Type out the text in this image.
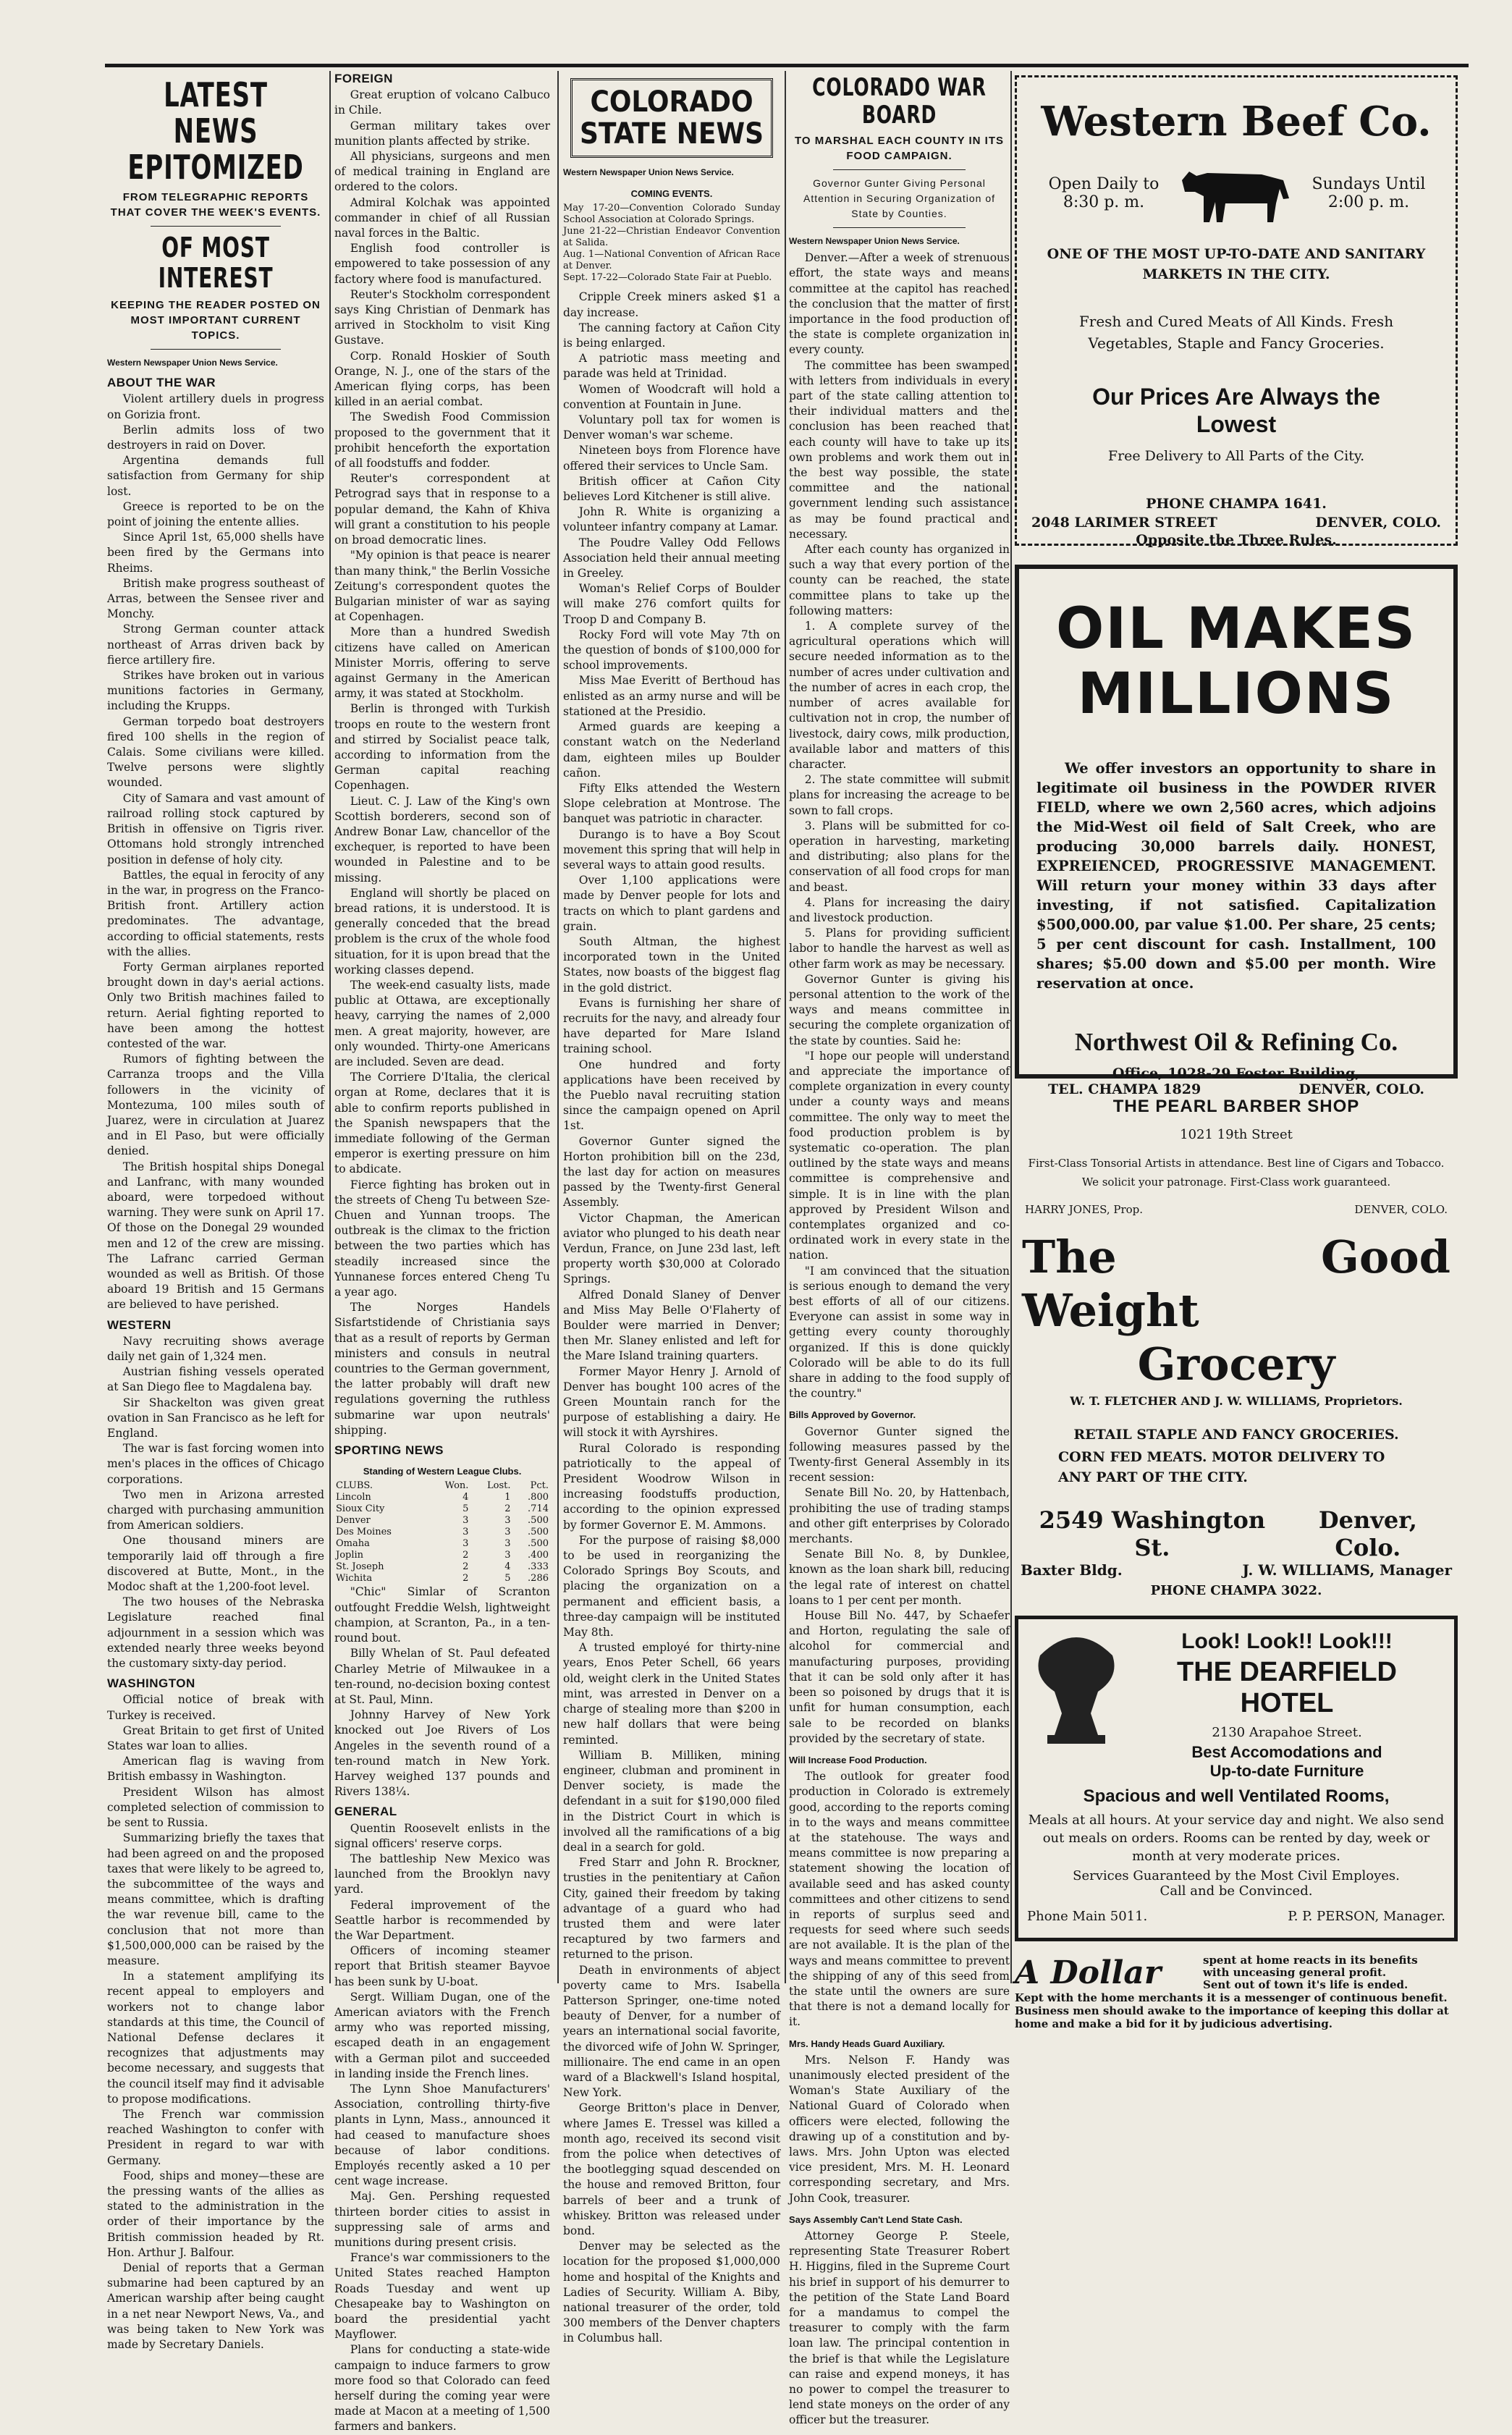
LATEST NEWS EPITOMIZED
FROM TELEGRAPHIC REPORTS THAT COVER THE WEEK'S EVENTS.
OF MOST INTEREST
KEEPING THE READER POSTED ON MOST IMPORTANT CURRENT TOPICS.
Western Newspaper Union News Service.
ABOUT THE WAR

Violent artillery duels in progress on Gorizia front.

Berlin admits loss of two destroyers in raid on Dover.

Argentina demands full satisfaction from Germany for ship lost.

Greece is reported to be on the point of joining the entente allies.

Since April 1st, 65,000 shells have been fired by the Germans into Rheims.

British make progress southeast of Arras, between the Sensee river and Monchy.

Strong German counter attack northeast of Arras driven back by fierce artillery fire.

Strikes have broken out in various munitions factories in Germany, including the Krupps.

German torpedo boat destroyers fired 100 shells in the region of Calais. Some civilians were killed. Twelve persons were slightly wounded.

City of Samara and vast amount of railroad rolling stock captured by British in offensive on Tigris river. Ottomans hold strongly intrenched position in defense of holy city.

Battles, the equal in ferocity of any in the war, in progress on the Franco-British front. Artillery action predominates. The advantage, according to official statements, rests with the allies.

Forty German airplanes reported brought down in day's aerial actions. Only two British machines failed to return. Aerial fighting reported to have been among the hottest contested of the war.

Rumors of fighting between the Carranza troops and the Villa followers in the vicinity of Montezuma, 100 miles south of Juarez, were in circulation at Juarez and in El Paso, but were officially denied.

The British hospital ships Donegal and Lanfranc, with many wounded aboard, were torpedoed without warning. They were sunk on April 17. Of those on the Donegal 29 wounded men and 12 of the crew are missing. The Lafranc carried German wounded as well as British. Of those aboard 19 British and 15 Germans are believed to have perished.

WESTERN

Navy recruiting shows average daily net gain of 1,324 men.

Austrian fishing vessels operated at San Diego flee to Magdalena bay.

Sir Shackelton was given great ovation in San Francisco as he left for England.

The war is fast forcing women into men's places in the offices of Chicago corporations.

Two men in Arizona arrested charged with purchasing ammunition from American soldiers.

One thousand miners are temporarily laid off through a fire discovered at Butte, Mont., in the Modoc shaft at the 1,200-foot level.

The two houses of the Nebraska Legislature reached final adjournment in a session which was extended nearly three weeks beyond the customary sixty-day period.

WASHINGTON

Official notice of break with Turkey is received.

Great Britain to get first of United States war loan to allies.

American flag is waving from British embassy in Washington.

President Wilson has almost completed selection of commission to be sent to Russia.

Summarizing briefly the taxes that had been agreed on and the proposed taxes that were likely to be agreed to, the subcommittee of the ways and means committee, which is drafting the war revenue bill, came to the conclusion that not more than $1,500,000,000 can be raised by the measure.

In a statement amplifying its recent appeal to employers and workers not to change labor standards at this time, the Council of National Defense declares it recognizes that adjustments may become necessary, and suggests that the council itself may find it advisable to propose modifications.

The French war commission reached Washington to confer with President in regard to war with Germany.

Food, ships and money—these are the pressing wants of the allies as stated to the administration in the order of their importance by the British commission headed by Rt. Hon. Arthur J. Balfour.

Denial of reports that a German submarine had been captured by an American warship after being caught in a net near Newport News, Va., and was being taken to New York was made by Secretary Daniels.

FOREIGN

Great eruption of volcano Calbuco in Chile.

German military takes over munition plants affected by strike.

All physicians, surgeons and men of medical training in England are ordered to the colors.

Admiral Kolchak was appointed commander in chief of all Russian naval forces in the Baltic.

English food controller is empowered to take possession of any factory where food is manufactured.

Reuter's Stockholm correspondent says King Christian of Denmark has arrived in Stockholm to visit King Gustave.

Corp. Ronald Hoskier of South Orange, N. J., one of the stars of the American flying corps, has been killed in an aerial combat.

The Swedish Food Commission proposed to the government that it prohibit henceforth the exportation of all foodstuffs and fodder.

Reuter's correspondent at Petrograd says that in response to a popular demand, the Kahn of Khiva will grant a constitution to his people on broad democratic lines.

"My opinion is that peace is nearer than many think," the Berlin Vossiche Zeitung's correspondent quotes the Bulgarian minister of war as saying at Copenhagen.

More than a hundred Swedish citizens have called on American Minister Morris, offering to serve against Germany in the American army, it was stated at Stockholm.

Berlin is thronged with Turkish troops en route to the western front and stirred by Socialist peace talk, according to information from the German capital reaching Copenhagen.

Lieut. C. J. Law of the King's own Scottish borderers, second son of Andrew Bonar Law, chancellor of the exchequer, is reported to have been wounded in Palestine and to be missing.

England will shortly be placed on bread rations, it is understood. It is generally conceded that the bread problem is the crux of the whole food situation, for it is upon bread that the working classes depend.

The week-end casualty lists, made public at Ottawa, are exceptionally heavy, carrying the names of 2,000 men. A great majority, however, are only wounded. Thirty-one Americans are included. Seven are dead.

The Corriere D'Italia, the clerical organ at Rome, declares that it is able to confirm reports published in the Spanish newspapers that the immediate following of the German emperor is exerting pressure on him to abdicate.

Fierce fighting has broken out in the streets of Cheng Tu between Sze-Chuen and Yunnan troops. The outbreak is the climax to the friction between the two parties which has steadily increased since the Yunnanese forces entered Cheng Tu a year ago.

The Norges Handels Sisfartstidende of Christiania says that as a result of reports by German ministers and consuls in neutral countries to the German government, the latter probably will draft new regulations governing the ruthless submarine war upon neutrals' shipping.

SPORTING NEWS
Standing of Western League Clubs.
CLUBS.	Won.	Lost.	Pct.
Lincoln	4	1	.800
Sioux City	5	2	.714
Denver	3	3	.500
Des Moines	3	3	.500
Omaha	3	3	.500
Joplin	2	3	.400
St. Joseph	2	4	.333
Wichita	2	5	.286

"Chic" Simlar of Scranton outfought Freddie Welsh, lightweight champion, at Scranton, Pa., in a ten-round bout.

Billy Whelan of St. Paul defeated Charley Metrie of Milwaukee in a ten-round, no-decision boxing contest at St. Paul, Minn.

Johnny Harvey of New York knocked out Joe Rivers of Los Angeles in the seventh round of a ten-round match in New York. Harvey weighed 137 pounds and Rivers 138¼.

GENERAL

Quentin Roosevelt enlists in the signal officers' reserve corps.

The battleship New Mexico was launched from the Brooklyn navy yard.

Federal improvement of the Seattle harbor is recommended by the War Department.

Officers of incoming steamer report that British steamer Bayvoe has been sunk by U-boat.

Sergt. William Dugan, one of the American aviators with the French army who was reported missing, escaped death in an engagement with a German pilot and succeeded in landing inside the French lines.

The Lynn Shoe Manufacturers' Association, controlling thirty-five plants in Lynn, Mass., announced it had ceased to manufacture shoes because of labor conditions. Employés recently asked a 10 per cent wage increase.

Maj. Gen. Pershing requested thirteen border cities to assist in suppressing sale of arms and munitions during present crisis.

France's war commissioners to the United States reached Hampton Roads Tuesday and went up Chesapeake bay to Washington on board the presidential yacht Mayflower.

Plans for conducting a state-wide campaign to induce farmers to grow more food so that Colorado can feed herself during the coming year were made at Macon at a meeting of 1,500 farmers and bankers.

COLORADO
STATE NEWS
Western Newspaper Union News Service.
COMING EVENTS.

May 17-20—Convention Colorado Sunday School Association at Colorado Springs.

June 21-22—Christian Endeavor Convention at Salida.

Aug. 1—National Convention of African Race at Denver.

Sept. 17-22—Colorado State Fair at Pueblo.

Cripple Creek miners asked $1 a day increase.

The canning factory at Cañon City is being enlarged.

A patriotic mass meeting and parade was held at Trinidad.

Women of Woodcraft will hold a convention at Fountain in June.

Voluntary poll tax for women is Denver woman's war scheme.

Nineteen boys from Florence have offered their services to Uncle Sam.

British officer at Cañon City believes Lord Kitchener is still alive.

John R. White is organizing a volunteer infantry company at Lamar.

The Poudre Valley Odd Fellows Association held their annual meeting in Greeley.

Woman's Relief Corps of Boulder will make 276 comfort quilts for Troop D and Company B.

Rocky Ford will vote May 7th on the question of bonds of $100,000 for school improvements.

Miss Mae Everitt of Berthoud has enlisted as an army nurse and will be stationed at the Presidio.

Armed guards are keeping a constant watch on the Nederland dam, eighteen miles up Boulder cañon.

Fifty Elks attended the Western Slope celebration at Montrose. The banquet was patriotic in character.

Durango is to have a Boy Scout movement this spring that will help in several ways to attain good results.

Over 1,100 applications were made by Denver people for lots and tracts on which to plant gardens and grain.

South Altman, the highest incorporated town in the United States, now boasts of the biggest flag in the gold district.

Evans is furnishing her share of recruits for the navy, and already four have departed for Mare Island training school.

One hundred and forty applications have been received by the Pueblo naval recruiting station since the campaign opened on April 1st.

Governor Gunter signed the Horton prohibition bill on the 23d, the last day for action on measures passed by the Twenty-first General Assembly.

Victor Chapman, the American aviator who plunged to his death near Verdun, France, on June 23d last, left property worth $30,000 at Colorado Springs.

Alfred Donald Slaney of Denver and Miss May Belle O'Flaherty of Boulder were married in Denver; then Mr. Slaney enlisted and left for the Mare Island training quarters.

Former Mayor Henry J. Arnold of Denver has bought 100 acres of the Green Mountain ranch for the purpose of establishing a dairy. He will stock it with Ayrshires.

Rural Colorado is responding patriotically to the appeal of President Woodrow Wilson in increasing foodstuffs production, according to the opinion expressed by former Governor E. M. Ammons.

For the purpose of raising $8,000 to be used in reorganizing the Colorado Springs Boy Scouts, and placing the organization on a permanent and efficient basis, a three-day campaign will be instituted May 8th.

A trusted employé for thirty-nine years, Enos Peter Schell, 66 years old, weight clerk in the United States mint, was arrested in Denver on a charge of stealing more than $200 in new half dollars that were being reminted.

William B. Milliken, mining engineer, clubman and prominent in Denver society, is made the defendant in a suit for $190,000 filed in the District Court in which is involved all the ramifications of a big deal in a search for gold.

Fred Starr and John R. Brockner, trusties in the penitentiary at Cañon City, gained their freedom by taking advantage of a guard who had trusted them and were later recaptured by two farmers and returned to the prison.

Death in environments of abject poverty came to Mrs. Isabella Patterson Springer, one-time noted beauty of Denver, for a number of years an international social favorite, the divorced wife of John W. Springer, millionaire. The end came in an open ward of a Blackwell's Island hospital, New York.

George Britton's place in Denver, where James E. Tressel was killed a month ago, received its second visit from the police when detectives of the bootlegging squad descended on the house and removed Britton, four barrels of beer and a trunk of whiskey. Britton was released under bond.

Denver may be selected as the location for the proposed $1,000,000 home and hospital of the Knights and Ladies of Security. William A. Biby, national treasurer of the order, told 300 members of the Denver chapters in Columbus hall.

COLORADO WAR BOARD
TO MARSHAL EACH COUNTY IN ITS FOOD CAMPAIGN.
Governor Gunter Giving Personal Attention in Securing Organization of State by Counties.
Western Newspaper Union News Service.

Denver.—After a week of strenuous effort, the state ways and means committee at the capitol has reached the conclusion that the matter of first importance in the food production of the state is complete organization in every county.

The committee has been swamped with letters from individuals in every part of the state calling attention to their individual matters and the conclusion has been reached that each county will have to take up its own problems and work them out in the best way possible, the state committee and the national government lending such assistance as may be found practical and necessary.

After each county has organized in such a way that every portion of the county can be reached, the state committee plans to take up the following matters:

1. A complete survey of the agricultural operations which will secure needed information as to the number of acres under cultivation and the number of acres in each crop, the number of acres available for cultivation not in crop, the number of livestock, dairy cows, milk production, available labor and matters of this character.

2. The state committee will submit plans for increasing the acreage to be sown to fall crops.

3. Plans will be submitted for co-operation in harvesting, marketing and distributing; also plans for the conservation of all food crops for man and beast.

4. Plans for increasing the dairy and livestock production.

5. Plans for providing sufficient labor to handle the harvest as well as other farm work as may be necessary.

Governor Gunter is giving his personal attention to the work of the ways and means committee in securing the complete organization of the state by counties. Said he:

"I hope our people will understand and appreciate the importance of complete organization in every county under a county ways and means committee. The only way to meet the food production problem is by systematic co-operation. The plan outlined by the state ways and means committee is comprehensive and simple. It is in line with the plan approved by President Wilson and contemplates organized and co-ordinated work in every state in the nation.

"I am convinced that the situation is serious enough to demand the very best efforts of all of our citizens. Everyone can assist in some way in getting every county thoroughly organized. If this is done quickly Colorado will be able to do its full share in adding to the food supply of the country."

Bills Approved by Governor.

Governor Gunter signed the following measures passed by the Twenty-first General Assembly in its recent session:

Senate Bill No. 20, by Hattenbach, prohibiting the use of trading stamps and other gift enterprises by Colorado merchants.

Senate Bill No. 8, by Dunklee, known as the loan shark bill, reducing the legal rate of interest on chattel loans to 1 per cent per month.

House Bill No. 447, by Schaefer and Horton, regulating the sale of alcohol for commercial and manufacturing purposes, providing that it can be sold only after it has been so poisoned by drugs that it is unfit for human consumption, each sale to be recorded on blanks provided by the secretary of state.

Will Increase Food Production.

The outlook for greater food production in Colorado is extremely good, according to the reports coming in to the ways and means committee at the statehouse. The ways and means committee is now preparing a statement showing the location of available seed and has asked county committees and other citizens to send in reports of surplus seed and requests for seed where such seeds are not available. It is the plan of the ways and means committee to prevent the shipping of any of this seed from the state until the owners are sure that there is not a demand locally for it.

Mrs. Handy Heads Guard Auxiliary.

Mrs. Nelson F. Handy was unanimously elected president of the Woman's State Auxiliary of the National Guard of Colorado when officers were elected, following the drawing up of a constitution and by-laws. Mrs. John Upton was elected vice president, Mrs. M. H. Leonard corresponding secretary, and Mrs. John Cook, treasurer.

Says Assembly Can't Lend State Cash.

Attorney George P. Steele, representing State Treasurer Robert H. Higgins, filed in the Supreme Court his brief in support of his demurrer to the petition of the State Land Board for a mandamus to compel the treasurer to comply with the farm loan law. The principal contention in the brief is that while the Legislature can raise and expend moneys, it has no power to compel the treasurer to lend state moneys on the order of any officer but the treasurer.

Western Beef Co.
Open Daily to 8:30 p. m.
Sundays Until 2:00 p. m.

ONE OF THE MOST UP-TO-DATE AND SANITARY MARKETS IN THE CITY.

Fresh and Cured Meats of All Kinds. Fresh Vegetables, Staple and Fancy Groceries.

Our Prices Are Always the Lowest

Free Delivery to All Parts of the City.

PHONE CHAMPA 1641.

2048 LARIMER STREET	DENVER, COLO.

Opposite the Three Rules.

OIL MAKES
MILLIONS

We offer investors an opportunity to share in legitimate oil business in the POWDER RIVER FIELD, where we own 2,560 acres, which adjoins the Mid-West oil field of Salt Creek, who are producing 30,000 barrels daily. HONEST, EXPREIENCED, PROGRESSIVE MANAGEMENT. Will return your money within 33 days after investing, if not satisfied. Capitalization $500,000.00, par value $1.00. Per share, 25 cents; 5 per cent discount for cash. Installment, 100 shares; $5.00 down and $5.00 per month. Wire reservation at once.

Northwest Oil & Refining Co.

Office, 1028-29 Foster Building,

TEL. CHAMPA 1829	DENVER, COLO.

THE PEARL BARBER SHOP

1021 19th Street

First-Class Tonsorial Artists in attendance. Best line of Cigars and Tobacco. We solicit your patronage. First-Class work guaranteed.

HARRY JONES, Prop.	DENVER, COLO.
The Good Weight
Grocery

W. T. FLETCHER AND J. W. WILLIAMS, Proprietors.

RETAIL STAPLE AND FANCY GROCERIES.

CORN FED MEATS. MOTOR DELIVERY TO ANY PART OF THE CITY.

2549 Washington St.
Denver, Colo.
Baxter Bldg.	J. W. WILLIAMS, Manager

PHONE CHAMPA 3022.

Look! Look!! Look!!!

THE DEARFIELD HOTEL

2130 Arapahoe Street.

Best Accomodations and

Up-to-date Furniture

Spacious and well Ventilated Rooms,

Meals at all hours. At your service day and night. We also send out meals on orders. Rooms can be rented by day, week or month at very moderate prices.

Services Guaranteed by the Most Civil Employes.

Call and be Convinced.

Phone Main 5011.	P. P. PERSON, Manager.
A Dollar	spent at home reacts in its benefits
with unceasing general profit.
Sent out of town it's life is ended.

Kept with the home merchants it is a messenger of continuous benefit. Business men should awake to the importance of keeping this dollar at home and make a bid for it by judicious advertising.
